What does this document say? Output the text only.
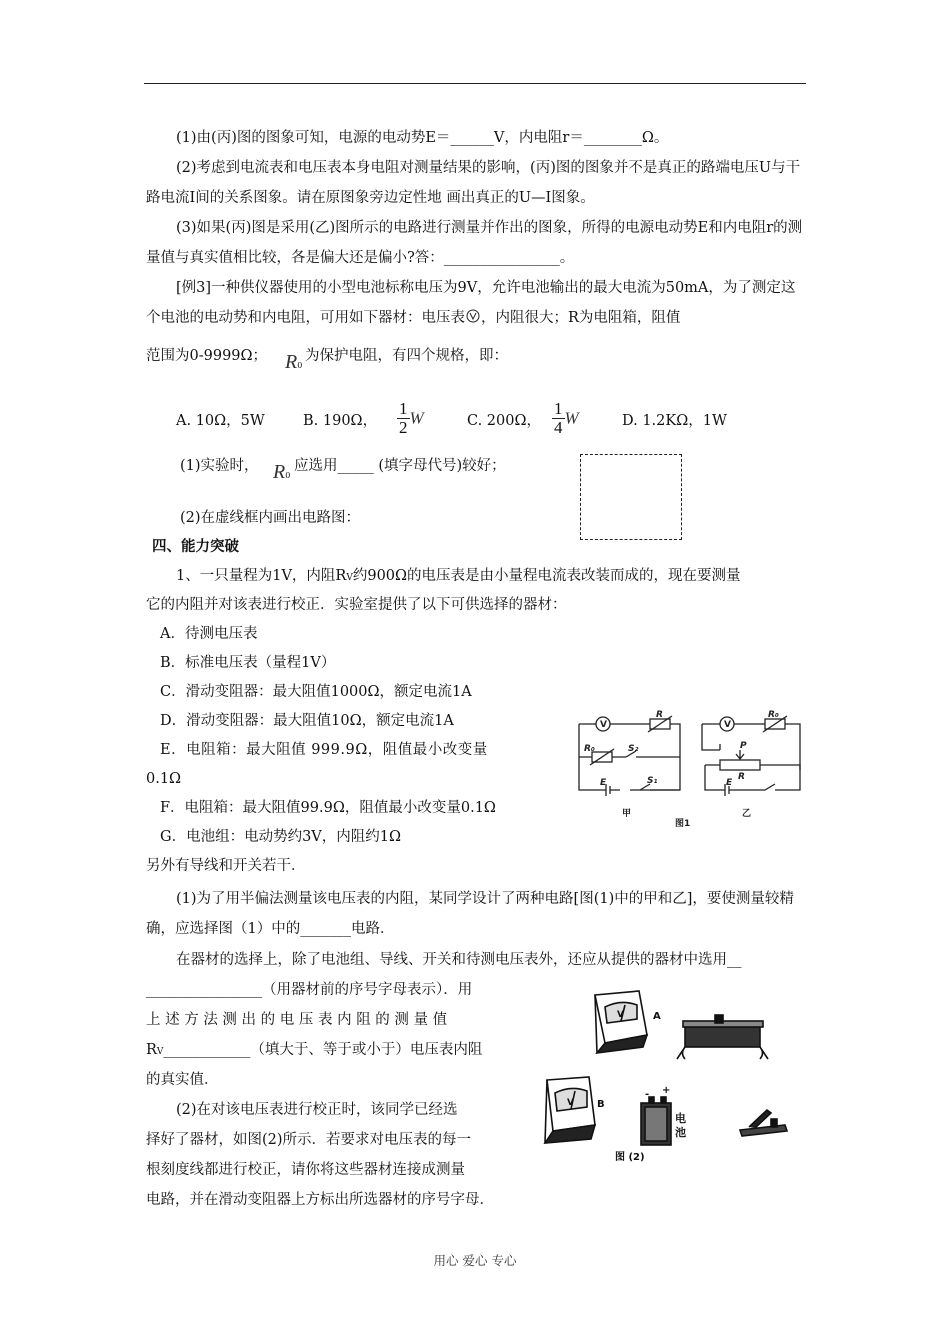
(1)由(丙)图的图象可知，电源的电动势E＝______V，内电阻r＝________Ω。
(2)考虑到电流表和电压表本身电阻对测量结果的影响，(丙)图的图象并不是真正的路端电压U与干路电流I间的关系图象。请在原图象旁边定性地 画出真正的U—I图象。
(3)如果(丙)图是采用(乙)图所示的电路进行测量并作出的图象，所得的电源电动势E和内电阻r的测量值与真实值相比较，各是偏大还是偏小?答：________________。
[例3]一种供仪器使用的小型电池标称电压为9V，允许电池输出的最大电流为50mA，为了测定这个电池的电动势和内电阻，可用如下器材：电压表 ，内阻很大；R为电阻箱，阻值
范围为0-9999Ω； R0
为保护电阻，有四个规格，即：
A. 10Ω，5W	B. 190Ω， $\frac{1}{2}$ W	C. 200Ω， $\frac{1}{4}$ W	D. 1.2KΩ，1W
(1)实验时， R0
应选用_____ (填字母代号)较好；
(2)在虚线框内画出电路图：
四、能力突破
1、一只量程为1V，内阻RV约900Ω的电压表是由小量程电流表改装而成的，现在要测量
它的内阻并对该表进行校正．实验室提供了以下可供选择的器材：
A．待测电压表
B．标准电压表（量程1V）
C．滑动变阻器：最大阻值1000Ω，额定电流1A
D．滑动变阻器：最大阻值10Ω，额定电流1A
E．电阻箱：最大阻值 999.9Ω，阻值最小改变量
0.1Ω
F．电阻箱：最大阻值99.9Ω，阻值最小改变量0.1Ω
G．电池组：电动势约3V，内阻约1Ω
另外有导线和开关若干．
V
R
R₀	S₂
E	S₁
甲
V
R₀
P
R
E
乙
图1
(1)为了用半偏法测量该电压表的内阻，某同学设计了两种电路[图(1)中的甲和乙]，要使测量较精确，应选择图（1）中的_______电路．
在器材的选择上，除了电池组、导线、开关和待测电压表外，还应从提供的器材中选用__
________________（用器材前的序号字母表示）．用
上 述 方 法 测 出 的 电 压 表 内 阻 的 测 量 值
RV____________（填大于、等于或小于）电压表内阻
的真实值．
(2)在对该电压表进行校正时，该同学已经选
择好了器材，如图(2)所示．若要求对电压表的每一
根刻度线都进行校正，请你将这些器材连接成测量
电路，并在滑动变阻器上方标出所选器材的序号字母．
V	A
V B
- +
电
池
图 (2)
用心 爱心 专心
